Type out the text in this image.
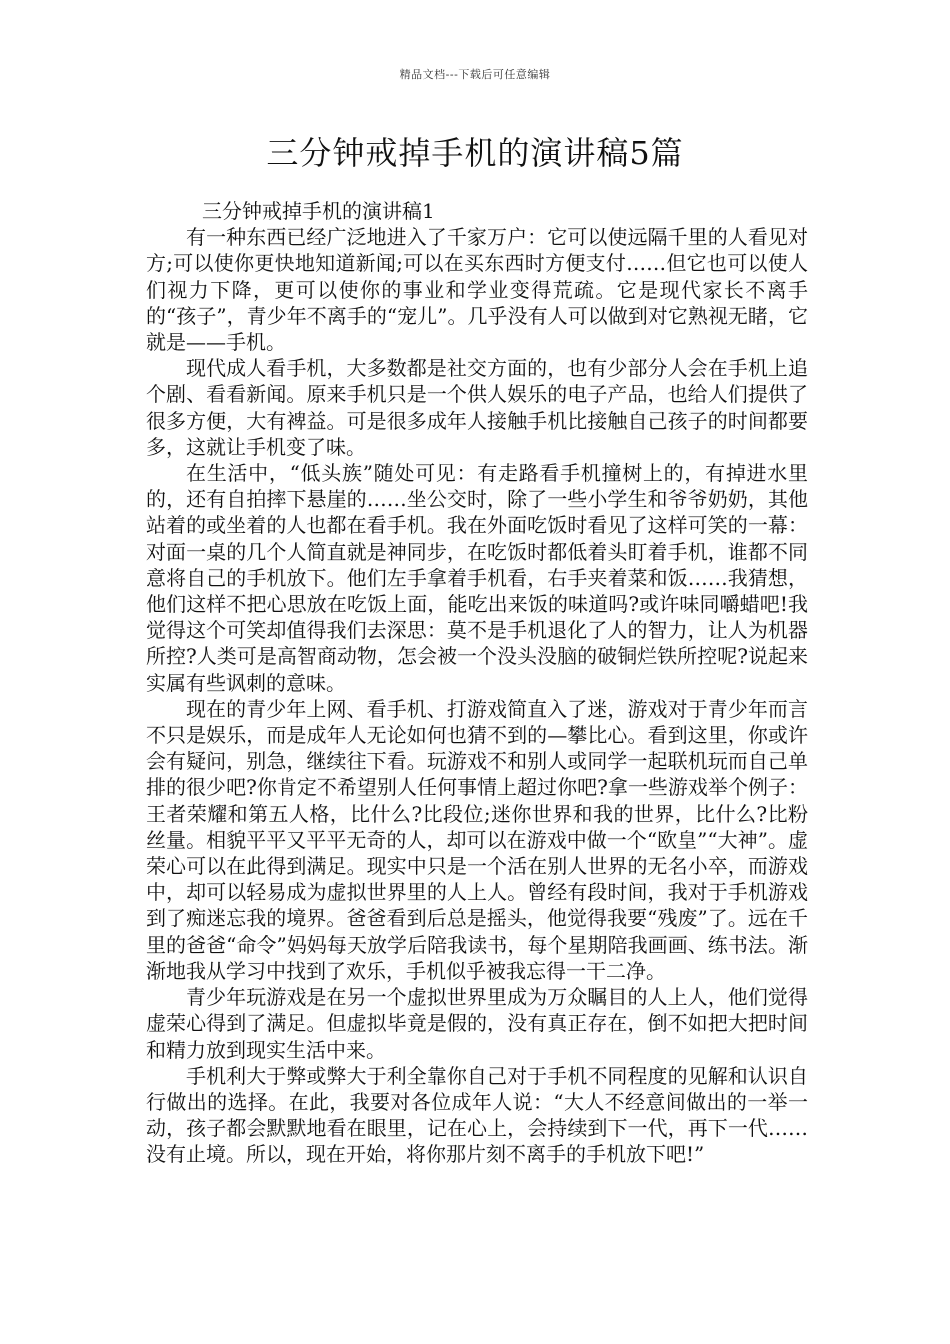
精品文档---下载后可任意编辑
三分钟戒掉手机的演讲稿5篇
三分钟戒掉手机的演讲稿1

有一种东西已经广泛地进入了千家万户：它可以使远隔千里的人看见对方;可以使你更快地知道新闻;可以在买东西时方便支付……但它也可以使人们视力下降，更可以使你的事业和学业变得荒疏。它是现代家长不离手的“孩子”，青少年不离手的“宠儿”。几乎没有人可以做到对它熟视无睹，它就是——手机。

现代成人看手机，大多数都是社交方面的，也有少部分人会在手机上追个剧、看看新闻。原来手机只是一个供人娱乐的电子产品，也给人们提供了很多方便，大有裨益。可是很多成年人接触手机比接触自己孩子的时间都要多，这就让手机变了味。

在生活中，“低头族”随处可见：有走路看手机撞树上的，有掉进水里的，还有自拍摔下悬崖的……坐公交时，除了一些小学生和爷爷奶奶，其他站着的或坐着的人也都在看手机。我在外面吃饭时看见了这样可笑的一幕：对面一桌的几个人简直就是神同步，在吃饭时都低着头盯着手机，谁都不同意将自己的手机放下。他们左手拿着手机看，右手夹着菜和饭……我猜想，他们这样不把心思放在吃饭上面，能吃出来饭的味道吗?或许味同嚼蜡吧!我觉得这个可笑却值得我们去深思：莫不是手机退化了人的智力，让人为机器所控?人类可是高智商动物，怎会被一个没头没脑的破铜烂铁所控呢?说起来实属有些讽刺的意味。

现在的青少年上网、看手机、打游戏简直入了迷，游戏对于青少年而言不只是娱乐，而是成年人无论如何也猜不到的—攀比心。看到这里，你或许会有疑问，别急，继续往下看。玩游戏不和别人或同学一起联机玩而自己单排的很少吧?你肯定不希望别人任何事情上超过你吧?拿一些游戏举个例子：王者荣耀和第五人格，比什么?比段位;迷你世界和我的世界，比什么?比粉丝量。相貌平平又平平无奇的人，却可以在游戏中做一个“欧皇”“大神”。虚荣心可以在此得到满足。现实中只是一个活在别人世界的无名小卒，而游戏中，却可以轻易成为虚拟世界里的人上人。曾经有段时间，我对于手机游戏到了痴迷忘我的境界。爸爸看到后总是摇头，他觉得我要“残废”了。远在千里的爸爸“命令”妈妈每天放学后陪我读书，每个星期陪我画画、练书法。渐渐地我从学习中找到了欢乐，手机似乎被我忘得一干二净。

青少年玩游戏是在另一个虚拟世界里成为万众瞩目的人上人，他们觉得虚荣心得到了满足。但虚拟毕竟是假的，没有真正存在，倒不如把大把时间和精力放到现实生活中来。

手机利大于弊或弊大于利全靠你自己对于手机不同程度的见解和认识自行做出的选择。在此，我要对各位成年人说：“大人不经意间做出的一举一动，孩子都会默默地看在眼里，记在心上，会持续到下一代，再下一代……没有止境。所以，现在开始，将你那片刻不离手的手机放下吧!”
